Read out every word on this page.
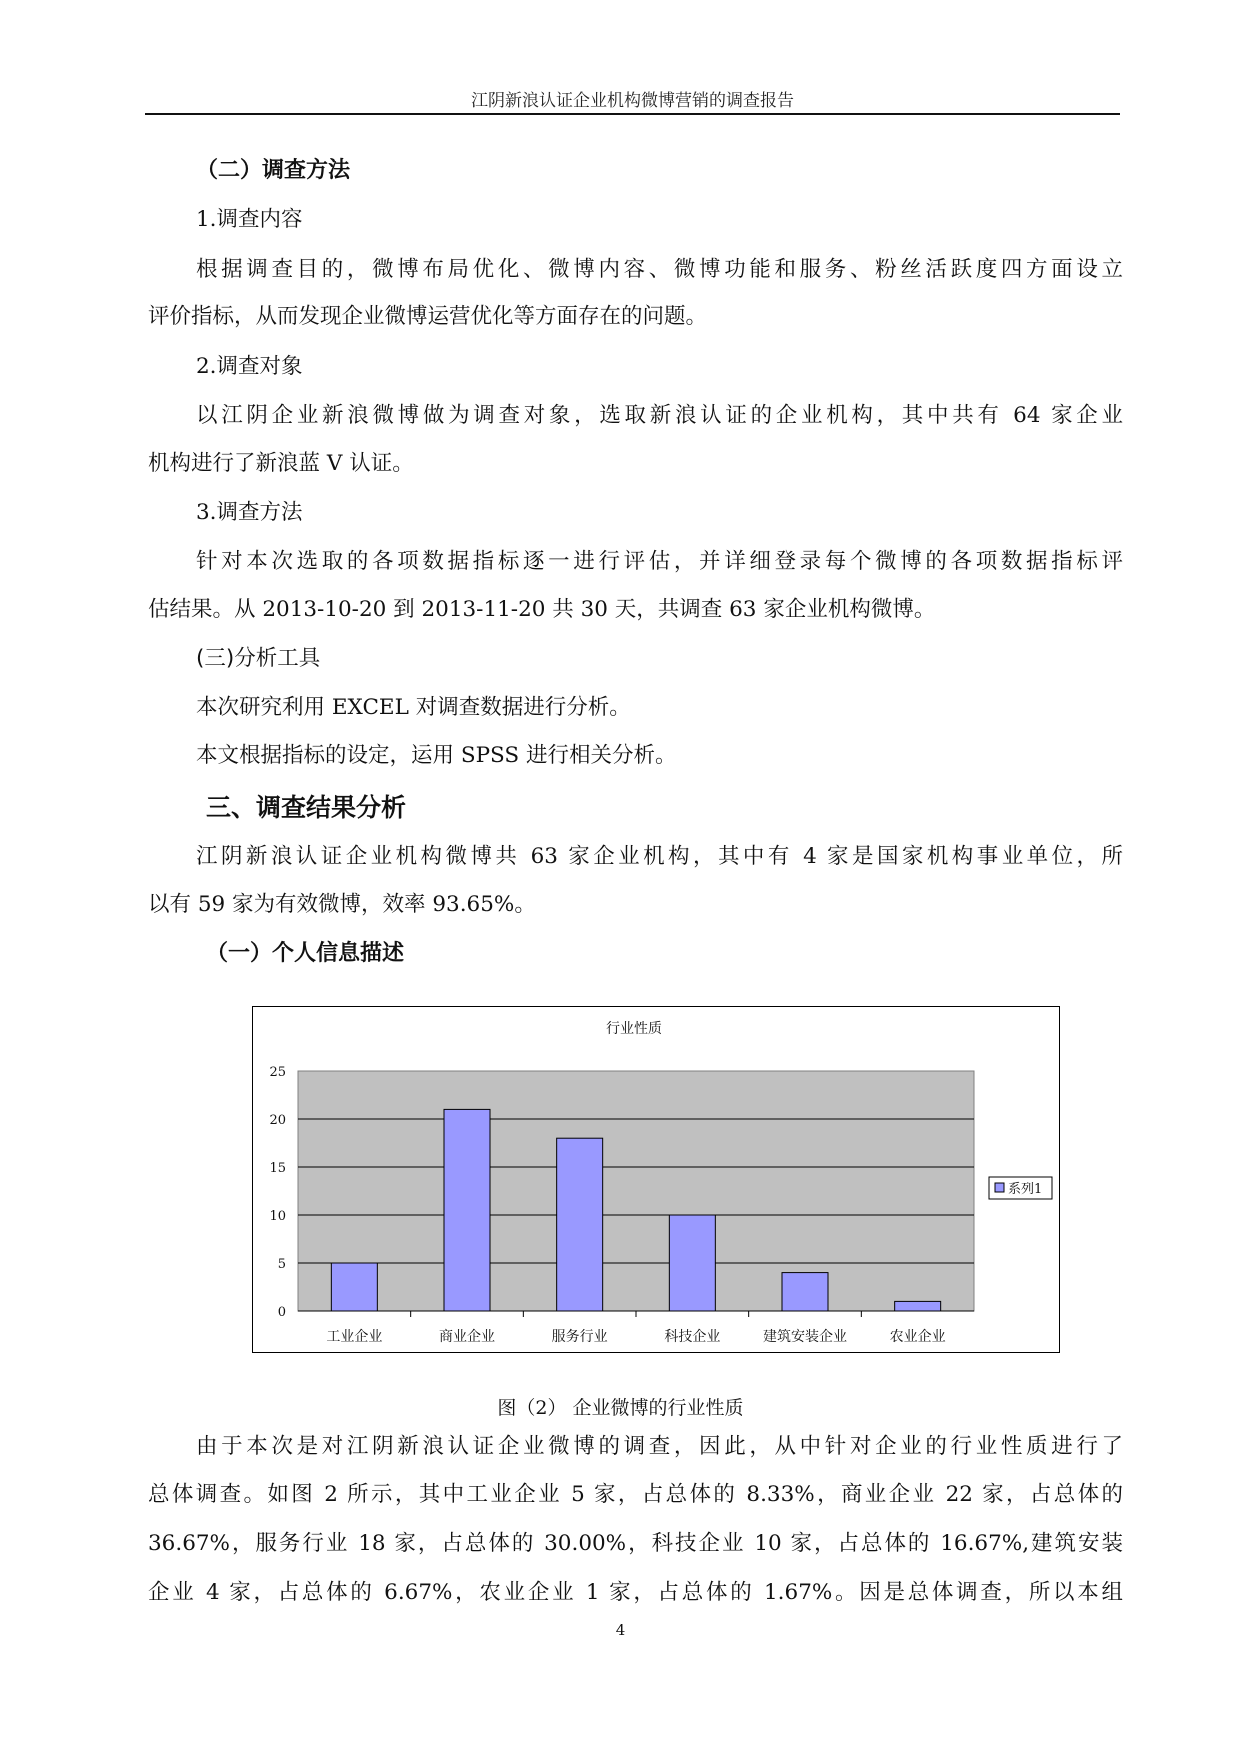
江阴新浪认证企业机构微博营销的调查报告
（二）调查方法
1.调查内容
根据调查目的，微博布局优化、微博内容、微博功能和服务、粉丝活跃度四方面设立
评价指标，从而发现企业微博运营优化等方面存在的问题。
2.调查对象
以江阴企业新浪微博做为调查对象，选取新浪认证的企业机构，其中共有 64 家企业
机构进行了新浪蓝 V 认证。
3.调查方法
针对本次选取的各项数据指标逐一进行评估，并详细登录每个微博的各项数据指标评
估结果。从 2013-10-20 到 2013-11-20 共 30 天，共调查 63 家企业机构微博。
(三)分析工具
本次研究利用 EXCEL 对调查数据进行分析。
本文根据指标的设定，运用 SPSS 进行相关分析。
三、调查结果分析
江阴新浪认证企业机构微博共 63 家企业机构，其中有 4 家是国家机构事业单位，所
以有 59 家为有效微博，效率 93.65%。
（一）个人信息描述
行业性质
0
5
10
15
20
25
工业企业	商业企业	服务行业	科技企业	建筑安装企业	农业企业
系列1
图（2） 企业微博的行业性质
由于本次是对江阴新浪认证企业微博的调查，因此，从中针对企业的行业性质进行了
总体调查。如图 2 所示，其中工业企业 5 家，占总体的 8.33%，商业企业 22 家，占总体的
36.67%，服务行业 18 家，占总体的 30.00%，科技企业 10 家，占总体的 16.67%,建筑安装
企业 4 家，占总体的 6.67%，农业企业 1 家，占总体的 1.67%。因是总体调查，所以本组
4
